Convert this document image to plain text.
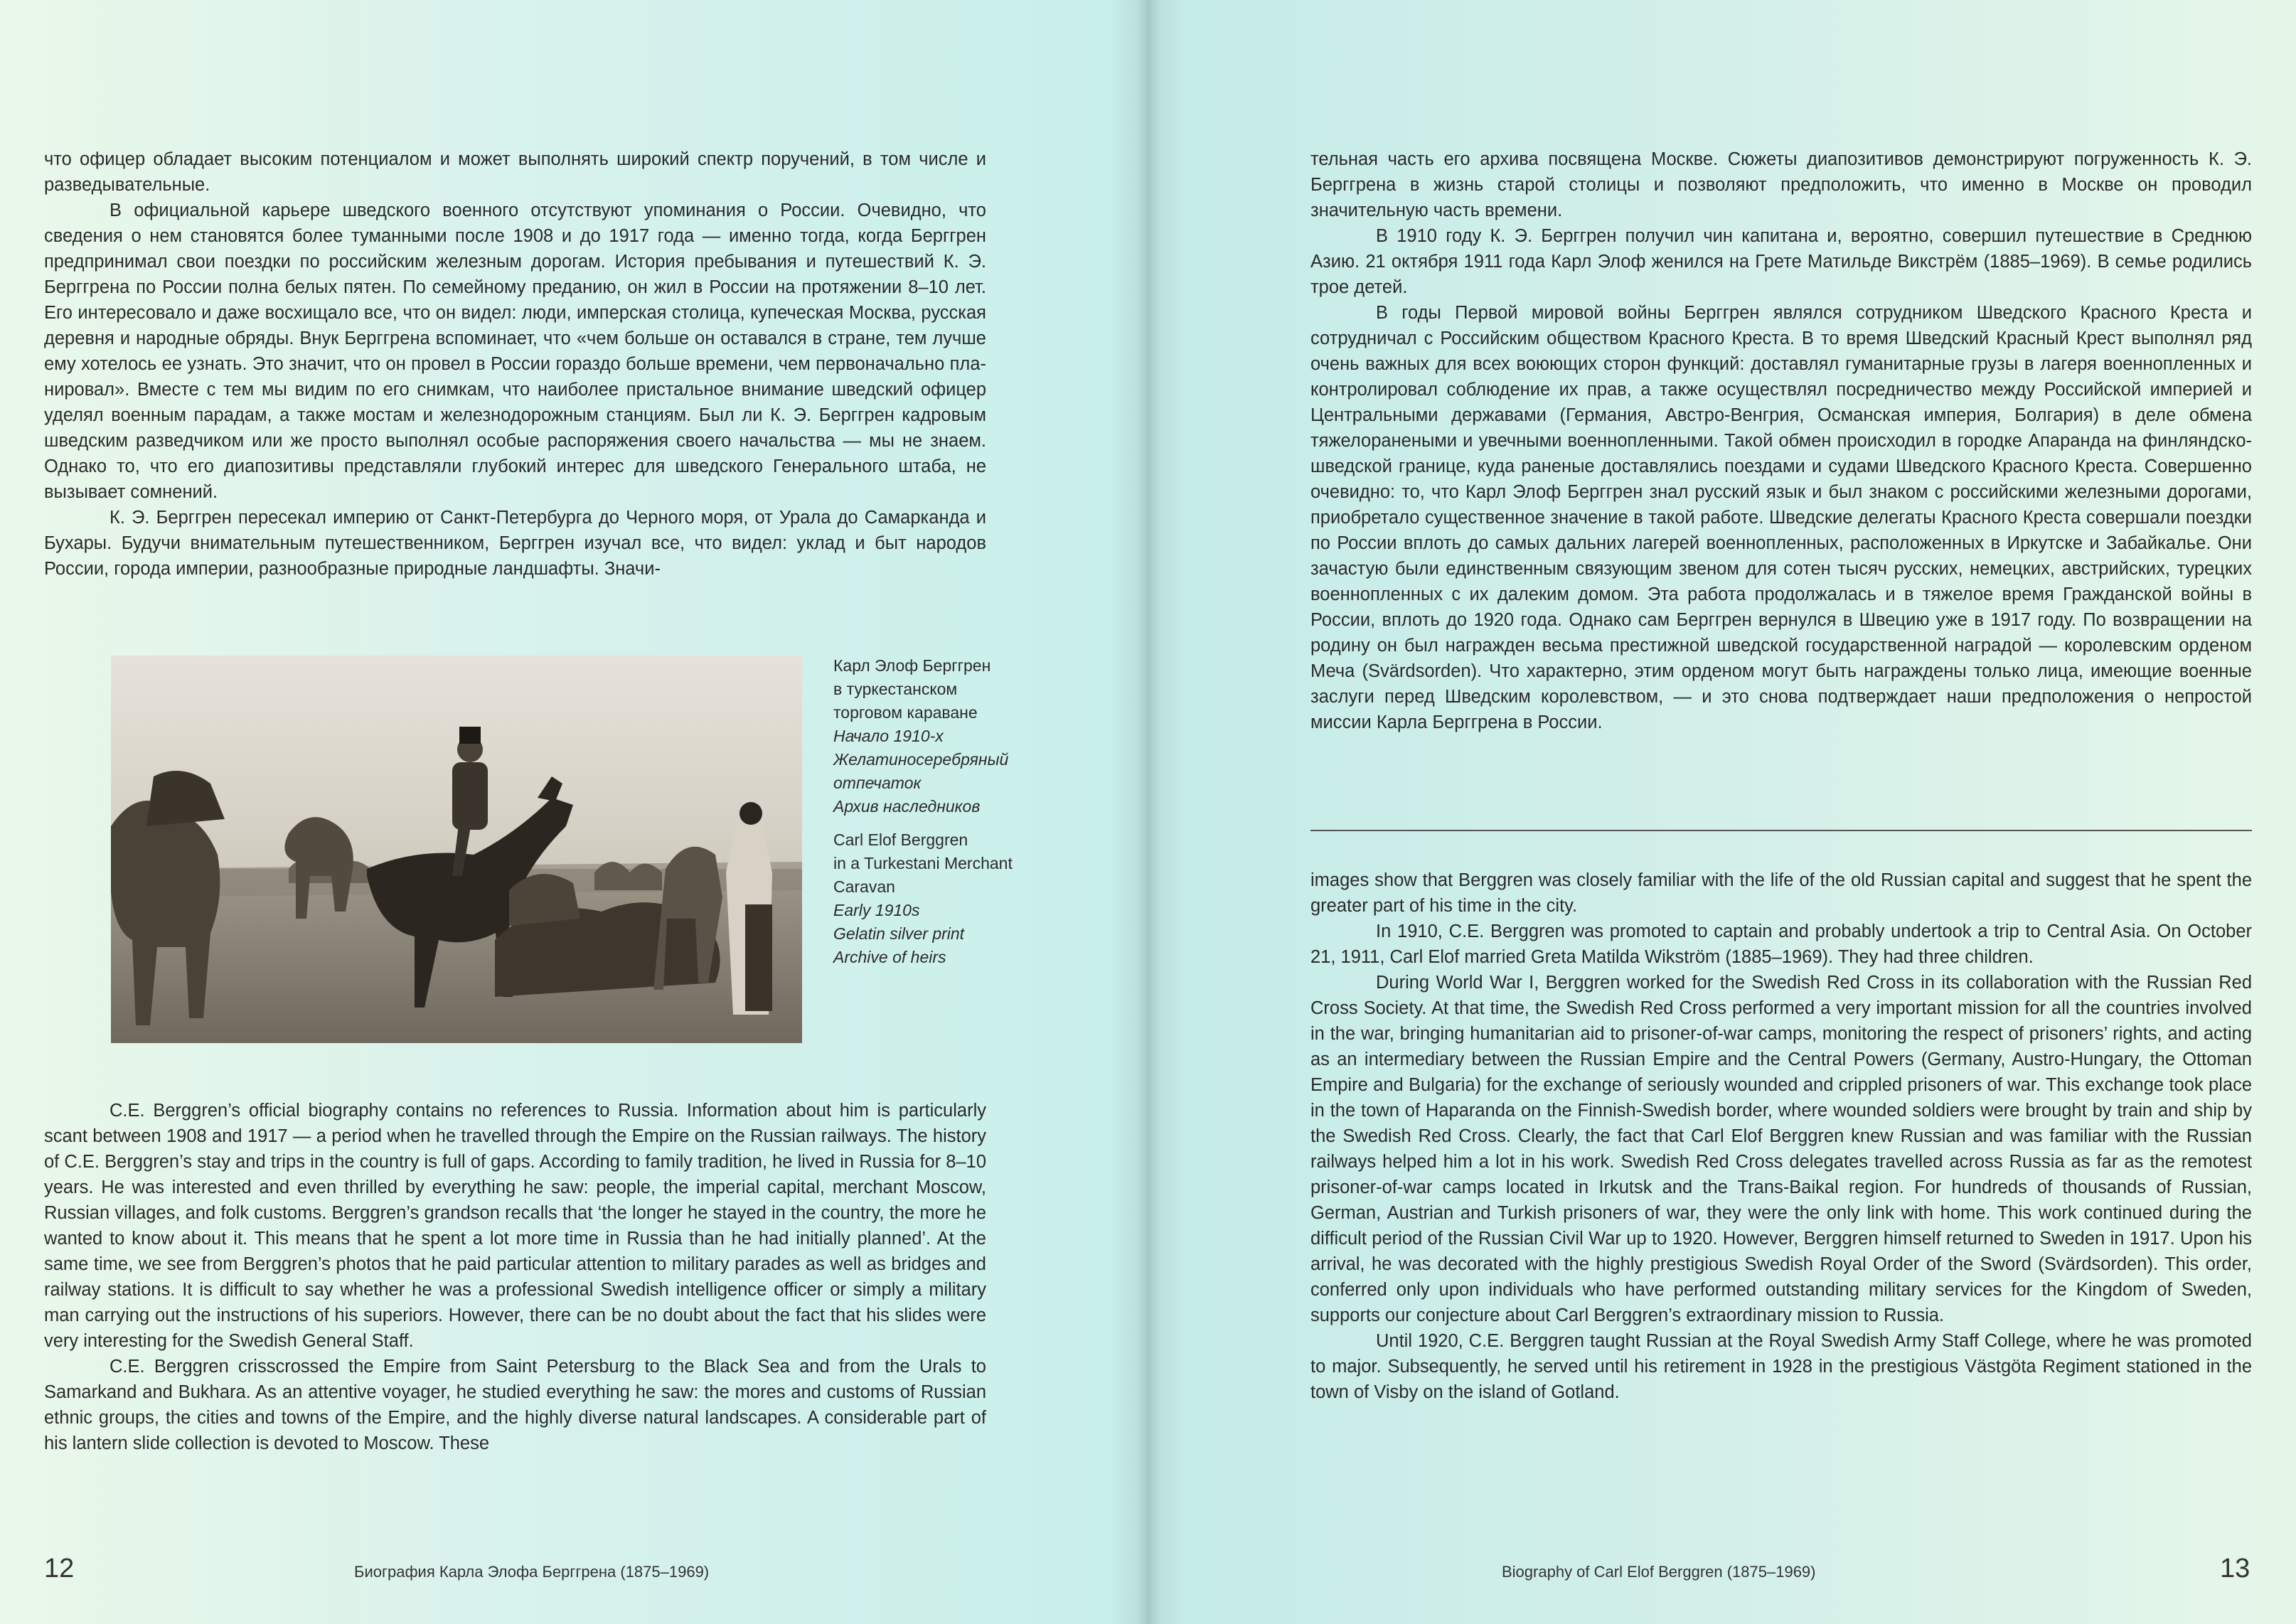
что офицер обладает высоким потенциалом и может выполнять широкий спектр поручений, в том числе и разведывательные.

В официальной карьере шведского военного отсутствуют упоминания о России. Очевидно, что сведения о нем становятся более туманными после 1908 и до 1917 года — именно тогда, когда Берггрен предпринимал свои поездки по российским железным дорогам. История пребывания и путешествий К. Э. Берггрена по России полна белых пятен. По семейному преданию, он жил в России на протяжении 8–10 лет. Его интересовало и даже восхищало все, что он видел: люди, имперская столица, купеческая Москва, русская деревня и народные обряды. Внук Берггрена вспоминает, что «чем больше он оставался в стране, тем лучше ему хотелось ее узнать. Это значит, что он провел в России гораздо больше времени, чем первоначально планировал». Вместе с тем мы видим по его снимкам, что наиболее пристальное внимание шведский офицер уделял военным парадам, а также мостам и железнодорожным станциям. Был ли К. Э. Берггрен кадровым шведским разведчиком или же просто выполнял особые распоряжения своего начальства — мы не знаем. Однако то, что его диапозитивы представляли глубокий интерес для шведского Генерального штаба, не вызывает сомнений.

К. Э. Берггрен пересекал империю от Санкт-Петербурга до Черного моря, от Урала до Самарканда и Бухары. Будучи внимательным путешественником, Берггрен изучал все, что видел: уклад и быт народов России, города империи, разнообразные природные ландшафты. Значи-

Карл Элоф Берггрен
в туркестанском
торговом караване
Начало 1910-х
Желатиносеребряный
отпечаток
Архив наследников
Carl Elof Berggren
in a Turkestani Merchant
Caravan
Early 1910s
Gelatin silver print
Archive of heirs

C.E. Berggren’s official biography contains no references to Russia. Information about him is particularly scant between 1908 and 1917 — a period when he travelled through the Empire on the Russian railways. The history of C.E. Berggren’s stay and trips in the country is full of gaps. According to family tradition, he lived in Russia for 8–10 years. He was interested and even thrilled by everything he saw: people, the imperial capital, merchant Moscow, Russian villages, and folk customs. Berggren’s grandson recalls that ‘the longer he stayed in the country, the more he wanted to know about it. This means that he spent a lot more time in Russia than he had initially planned’. At the same time, we see from Berggren’s photos that he paid particular attention to military parades as well as bridges and railway stations. It is difficult to say whether he was a professional Swedish intelligence officer or simply a military man carrying out the instructions of his superiors. However, there can be no doubt about the fact that his slides were very interesting for the Swedish General Staff.

C.E. Berggren crisscrossed the Empire from Saint Petersburg to the Black Sea and from the Urals to Samarkand and Bukhara. As an attentive voyager, he studied everything he saw: the mores and customs of Russian ethnic groups, the cities and towns of the Empire, and the highly diverse natural landscapes. A considerable part of his lantern slide collection is devoted to Moscow. These

12	Биография Карла Элофа Берггрена (1875–1969)

тельная часть его архива посвящена Москве. Сюжеты диапозитивов демонстрируют погруженность К. Э. Берггрена в жизнь старой столицы и позволяют предположить, что именно в Москве он проводил значительную часть времени.

В 1910 году К. Э. Берггрен получил чин капитана и, вероятно, совершил путешествие в Среднюю Азию. 21 октября 1911 года Карл Элоф женился на Грете Матильде Викстрём (1885–1969). В семье родились трое детей.

В годы Первой мировой войны Берггрен являлся сотрудником Шведского Красного Креста и сотрудничал с Российским обществом Красного Креста. В то время Шведский Красный Крест выполнял ряд очень важных для всех воюющих сторон функций: доставлял гуманитарные грузы в лагеря военнопленных и контролировал соблюдение их прав, а также осуществлял посредничество между Российской империей и Центральными державами (Германия, Австро-Венгрия, Османская империя, Болгария) в деле обмена тяжелоранеными и увечными военнопленными. Такой обмен происходил в городке Апаранда на финляндско-шведской границе, куда раненые доставлялись поездами и судами Шведского Красного Креста. Совершенно очевидно: то, что Карл Элоф Берггрен знал русский язык и был знаком с российскими железными дорогами, приобретало существенное значение в такой работе. Шведские делегаты Красного Креста совершали поездки по России вплоть до самых дальних лагерей военнопленных, расположенных в Иркутске и Забайкалье. Они зачастую были единственным связующим звеном для сотен тысяч русских, немецких, австрийских, турецких военнопленных с их далеким домом. Эта работа продолжалась и в тяжелое время Гражданской войны в России, вплоть до 1920 года. Однако сам Берггрен вернулся в Швецию уже в 1917 году. По возвращении на родину он был награжден весьма престижной шведской государственной наградой — королевским орденом Меча (Svärdsorden). Что характерно, этим орденом могут быть награждены только лица, имеющие военные заслуги перед Шведским королевством, — и это снова подтверждает наши предположения о непростой миссии Карла Берггрена в России.

images show that Berggren was closely familiar with the life of the old Russian capital and suggest that he spent the greater part of his time in the city.

In 1910, C.E. Berggren was promoted to captain and probably undertook a trip to Central Asia. On October 21, 1911, Carl Elof married Greta Matilda Wikström (1885–1969). They had three children.

During World War I, Berggren worked for the Swedish Red Cross in its collaboration with the Russian Red Cross Society. At that time, the Swedish Red Cross performed a very important mission for all the countries involved in the war, bringing humanitarian aid to prisoner-of-war camps, monitoring the respect of prisoners’ rights, and acting as an intermediary between the Russian Empire and the Central Powers (Germany, Austro-Hungary, the Ottoman Empire and Bulgaria) for the exchange of seriously wounded and crippled prisoners of war. This exchange took place in the town of Haparanda on the Finnish-Swedish border, where wounded soldiers were brought by train and ship by the Swedish Red Cross. Clearly, the fact that Carl Elof Berggren knew Russian and was familiar with the Russian railways helped him a lot in his work. Swedish Red Cross delegates travelled across Russia as far as the remotest prisoner-of-war camps located in Irkutsk and the Trans-Baikal region. For hundreds of thousands of Russian, German, Austrian and Turkish prisoners of war, they were the only link with home. This work continued during the difficult period of the Russian Civil War up to 1920. However, Berggren himself returned to Sweden in 1917. Upon his arrival, he was decorated with the highly prestigious Swedish Royal Order of the Sword (Svärdsorden). This order, conferred only upon individuals who have performed outstanding military services for the Kingdom of Sweden, supports our conjecture about Carl Berggren’s extraordinary mission to Russia.

Until 1920, C.E. Berggren taught Russian at the Royal Swedish Army Staff College, where he was promoted to major. Subsequently, he served until his retirement in 1928 in the prestigious Västgöta Regiment stationed in the town of Visby on the island of Gotland.

Biography of Carl Elof Berggren (1875–1969)	13
